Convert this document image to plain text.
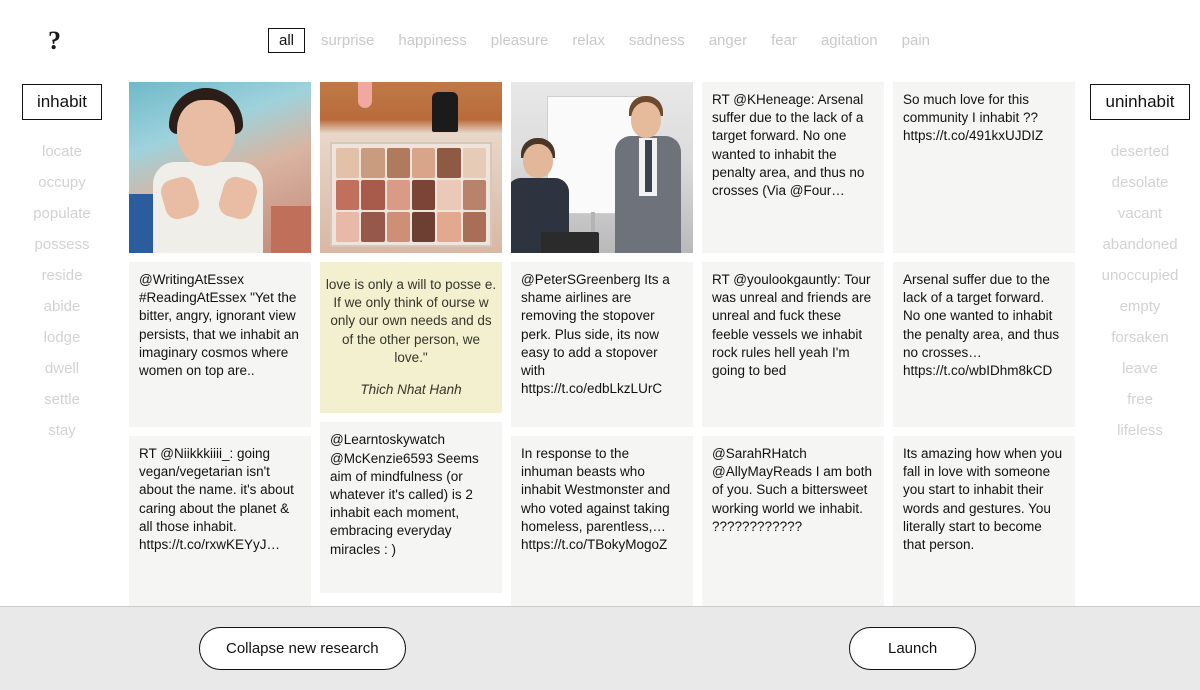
?	all	surprise	happiness	pleasure	relax	sadness	anger	fear	agitation	pain
inhabit
locate
occupy
populate
possess
reside
abide
lodge
dwell
settle
stay
uninhabit
deserted
desolate
vacant
abandoned
unoccupied
empty
forsaken
leave
free
lifeless
@WritingAtEssex #ReadingAtEssex "Yet the bitter, angry, ignorant view persists, that we inhabit an imaginary cosmos where women on top are..
RT @Niikkkiiii_: going vegan/vegetarian isn't about the name. it's about caring about the planet & all those inhabit. https://t.co/rxwKEYyJ…
love is only a will to posse e. If we only think of ourse w only our own needs and ds of the other person, we love."
Thich Nhat Hanh
@Learntoskywatch @McKenzie6593 Seems aim of mindfulness (or whatever it's called) is 2 inhabit each moment, embracing everyday miracles : )
@PeterSGreenberg Its a shame airlines are removing the stopover perk. Plus side, its now easy to add a stopover with https://t.co/edbLkzLUrC
In response to the inhuman beasts who inhabit Westmonster and who voted against taking homeless, parentless,… https://t.co/TBokyMogoZ
RT @KHeneage: Arsenal suffer due to the lack of a target forward. No one wanted to inhabit the penalty area, and thus no crosses (Via @Four…
RT @youlookgauntly: Tour was unreal and friends are unreal and fuck these feeble vessels we inhabit rock rules hell yeah I'm going to bed
@SarahRHatch @AllyMayReads I am both of you. Such a bittersweet working world we inhabit. ????????????
So much love for this community I inhabit ?? https://t.co/491kxUJDIZ
Arsenal suffer due to the lack of a target forward. No one wanted to inhabit the penalty area, and thus no crosses… https://t.co/wbIDhm8kCD
Its amazing how when you fall in love with someone you start to inhabit their words and gestures. You literally start to become that person.
Collapse new research	Launch
